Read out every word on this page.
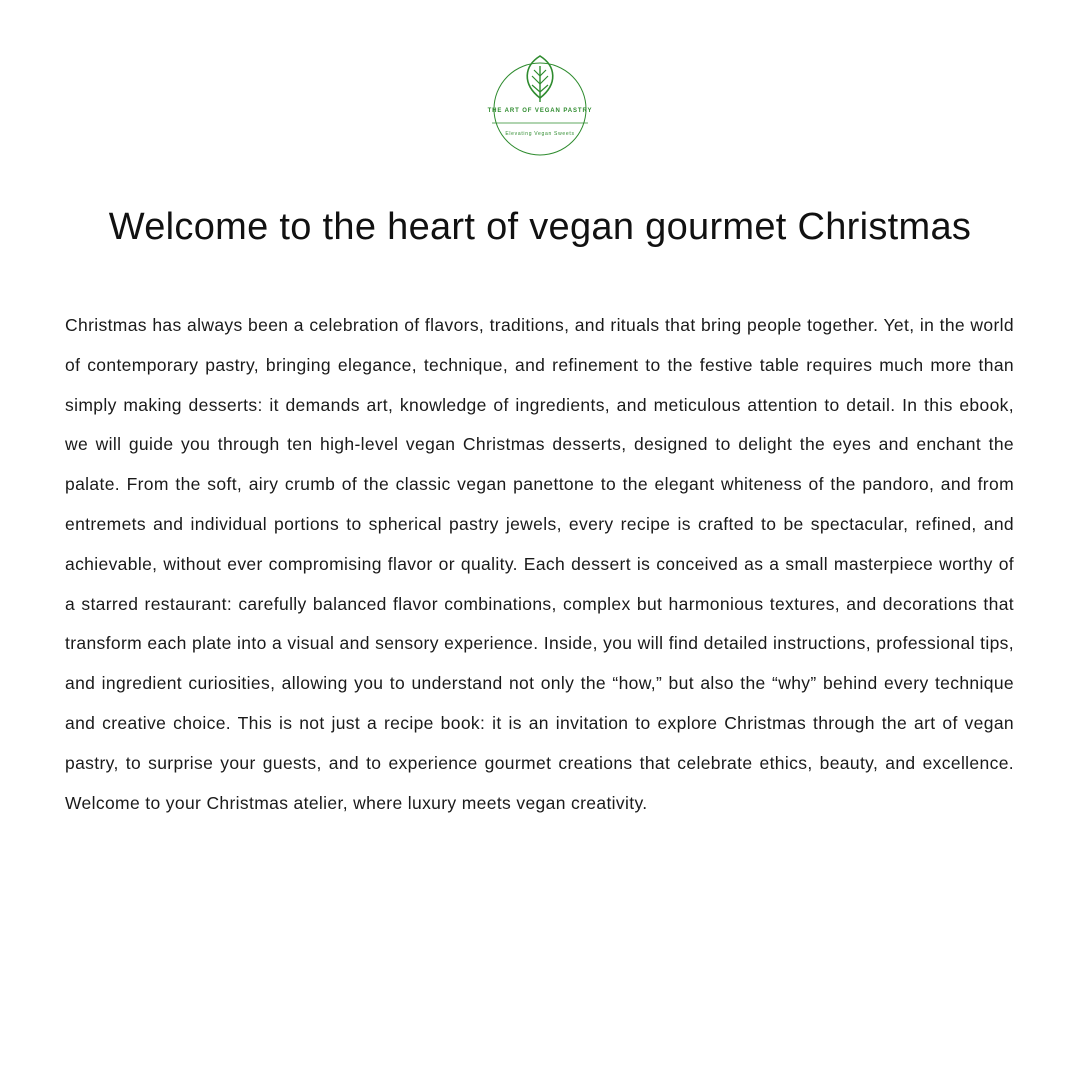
THE ART OF VEGAN PASTRY
Elevating Vegan Sweets
Welcome to the heart of vegan gourmet Christmas

Christmas has always been a celebration of flavors, traditions, and rituals that bring people together. Yet, in the world of contemporary pastry, bringing elegance, technique, and refinement to the festive table requires much more than simply making desserts: it demands art, knowledge of ingredients, and meticulous attention to detail. In this ebook, we will guide you through ten high-level vegan Christmas desserts, designed to delight the eyes and enchant the palate. From the soft, airy crumb of the classic vegan panettone to the elegant whiteness of the pandoro, and from entremets and individual portions to spherical pastry jewels, every recipe is crafted to be spectacular, refined, and achievable, without ever compromising flavor or quality. Each dessert is conceived as a small masterpiece worthy of a starred restaurant: carefully balanced flavor combinations, complex but harmonious textures, and decorations that transform each plate into a visual and sensory experience. Inside, you will find detailed instructions, professional tips, and ingredient curiosities, allowing you to understand not only the “how,” but also the “why” behind every technique and creative choice. This is not just a recipe book: it is an invitation to explore Christmas through the art of vegan pastry, to surprise your guests, and to experience gourmet creations that celebrate ethics, beauty, and excellence. Welcome to your Christmas atelier, where luxury meets vegan creativity.
